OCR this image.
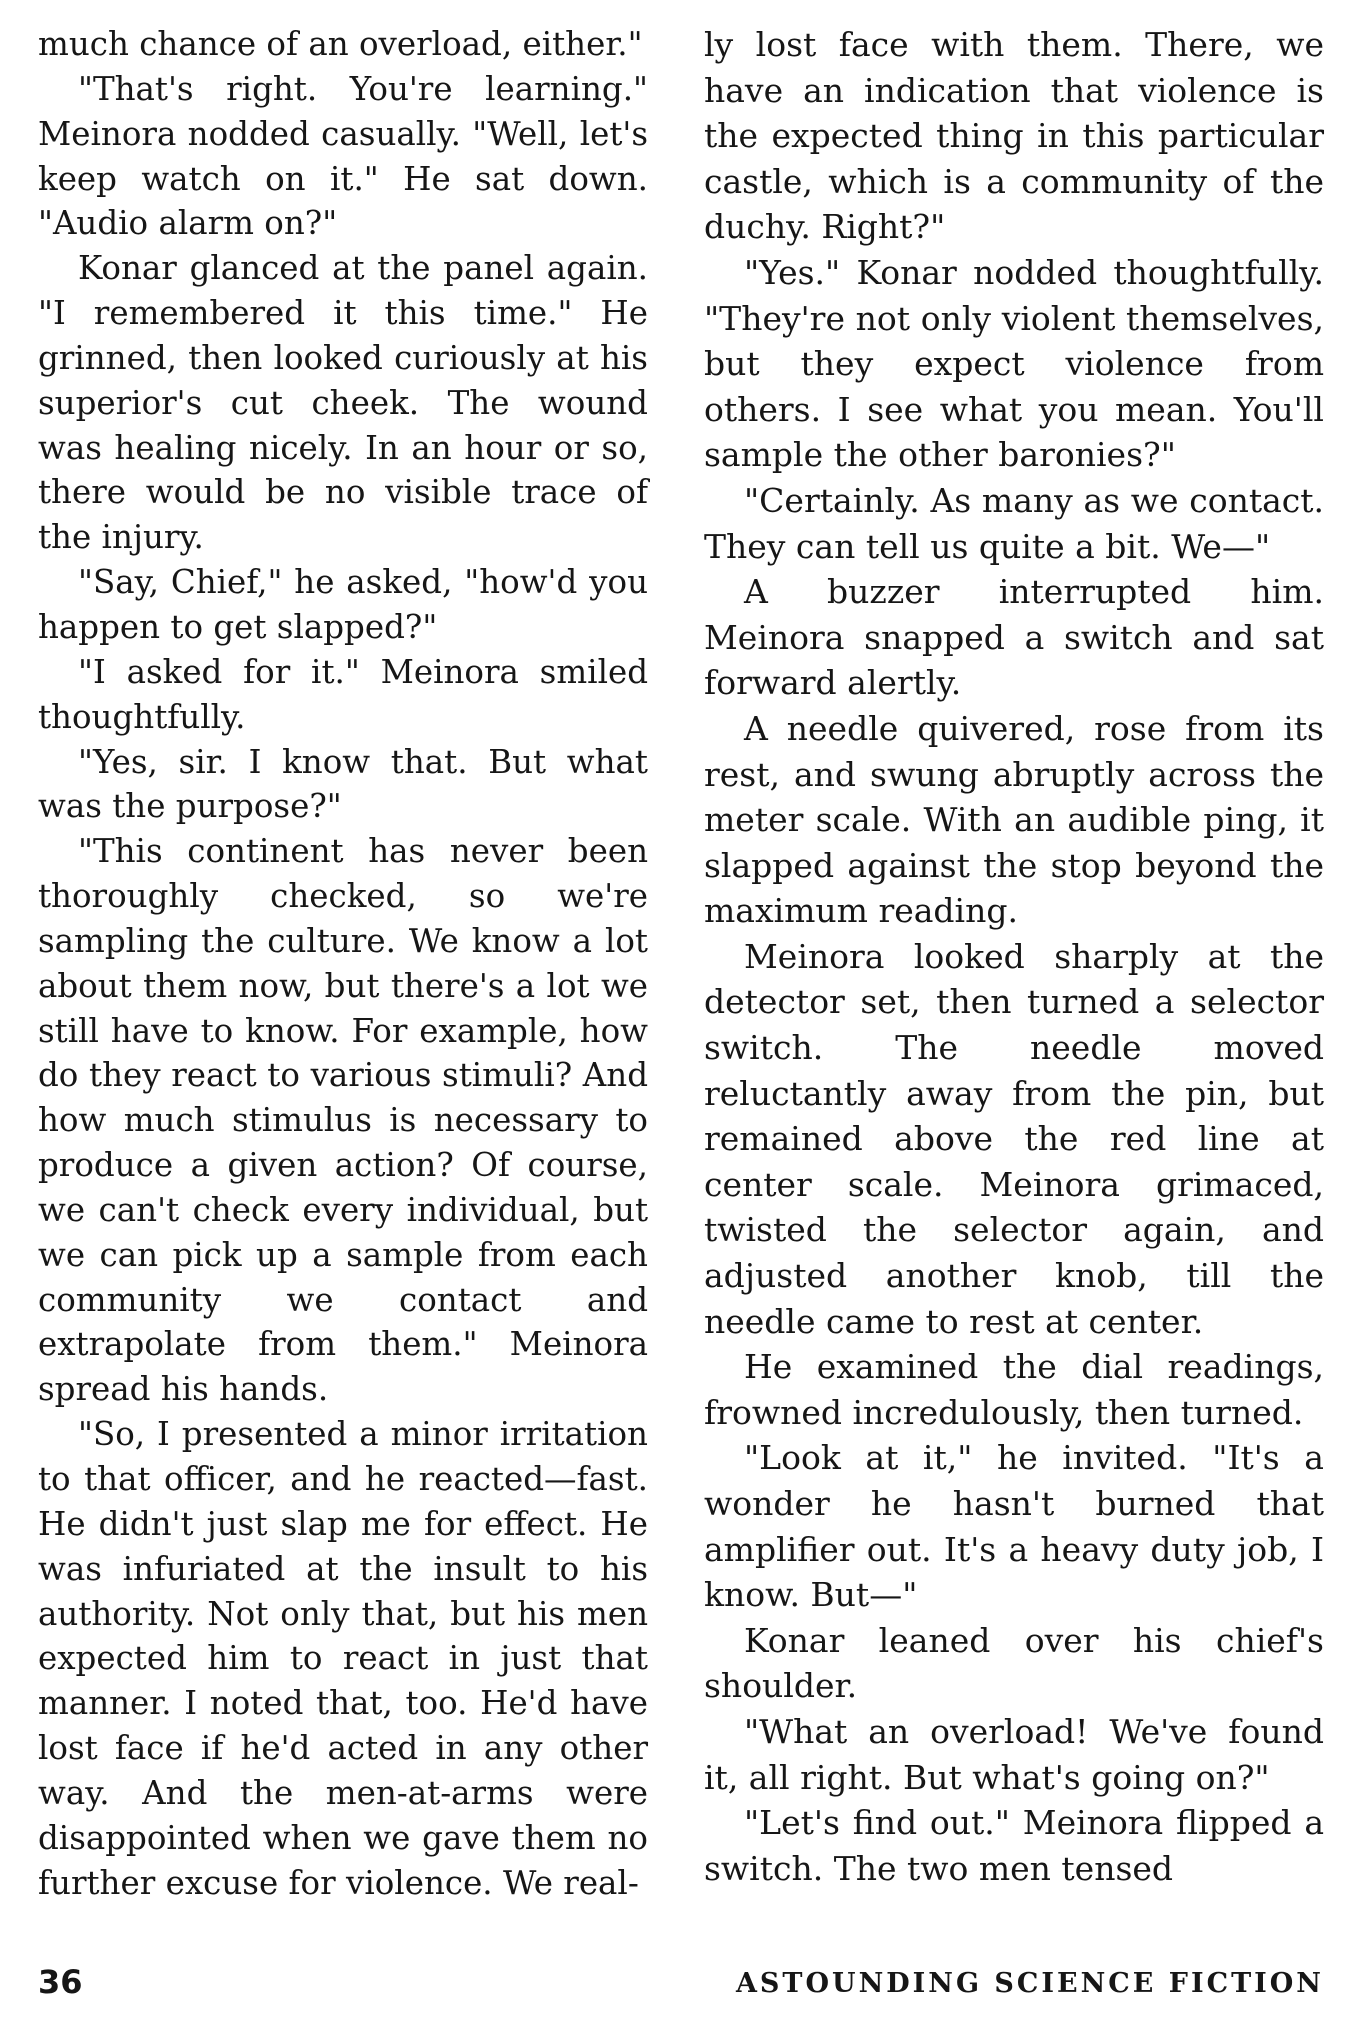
much chance of an overload, either."

"That's right. You're learning." Meinora nodded casually. "Well, let's keep watch on it." He sat down. "Audio alarm on?"

Konar glanced at the panel again. "I remembered it this time." He grinned, then looked curiously at his superior's cut cheek. The wound was healing nicely. In an hour or so, there would be no visible trace of the injury.

"Say, Chief," he asked, "how'd you happen to get slapped?"

"I asked for it." Meinora smiled thoughtfully.

"Yes, sir. I know that. But what was the purpose?"

"This continent has never been thoroughly checked, so we're sampling the culture. We know a lot about them now, but there's a lot we still have to know. For example, how do they react to various stimuli? And how much stimulus is necessary to produce a given action? Of course, we can't check every individual, but we can pick up a sample from each community we contact and extrapolate from them." Meinora spread his hands.

"So, I presented a minor irritation to that officer, and he reacted—fast. He didn't just slap me for effect. He was infuriated at the insult to his authority. Not only that, but his men expected him to react in just that manner. I noted that, too. He'd have lost face if he'd acted in any other way. And the men-at-arms were disappointed when we gave them no further excuse for violence. We real-

ly lost face with them. There, we have an indication that violence is the expected thing in this particular castle, which is a community of the duchy. Right?"

"Yes." Konar nodded thoughtfully. "They're not only violent themselves, but they expect violence from others. I see what you mean. You'll sample the other baronies?"

"Certainly. As many as we contact. They can tell us quite a bit. We—"

A buzzer interrupted him. Meinora snapped a switch and sat forward alertly.

A needle quivered, rose from its rest, and swung abruptly across the meter scale. With an audible ping, it slapped against the stop beyond the maximum reading.

Meinora looked sharply at the detector set, then turned a selector switch. The needle moved reluctantly away from the pin, but remained above the red line at center scale. Meinora grimaced, twisted the selector again, and adjusted another knob, till the needle came to rest at center.

He examined the dial readings, frowned incredulously, then turned.

"Look at it," he invited. "It's a wonder he hasn't burned that amplifier out. It's a heavy duty job, I know. But—"

Konar leaned over his chief's shoulder.

"What an overload! We've found it, all right. But what's going on?"

"Let's find out." Meinora flipped a switch. The two men tensed

36	ASTOUNDING SCIENCE FICTION
